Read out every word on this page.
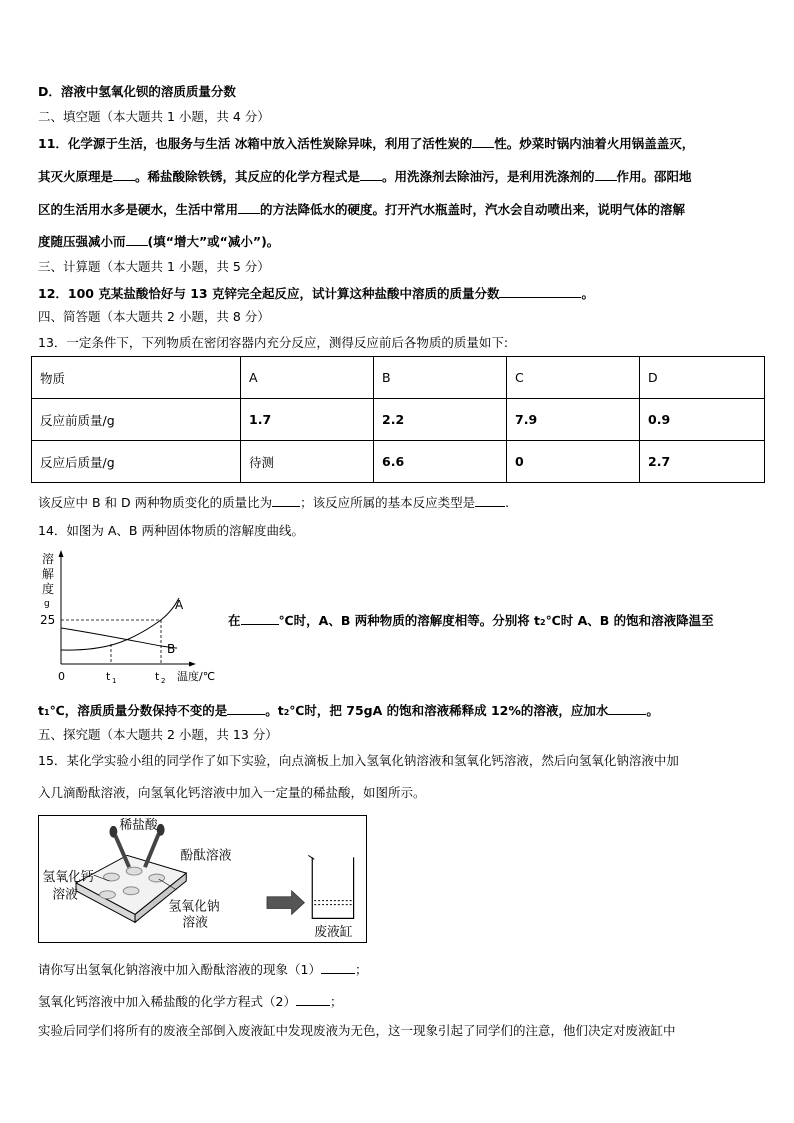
D．溶液中氢氧化钡的溶质质量分数
二、填空题（本大题共 1 小题，共 4 分）
11．化学源于生活，也服务与生活 冰箱中放入活性炭除异味，利用了活性炭的 性。炒菜时锅内油着火用锅盖盖灭，
其灭火原理是 。稀盐酸除铁锈，其反应的化学方程式是 。用洗涤剂去除油污，是利用洗涤剂的 作用。邵阳地
区的生活用水多是硬水，生活中常用 的方法降低水的硬度。打开汽水瓶盖时，汽水会自动喷出来，说明气体的溶解
度随压强减小而 (填“增大”或“减小”)。
三、计算题（本大题共 1 小题，共 5 分）
12．100 克某盐酸恰好与 13 克锌完全起反应，试计算这种盐酸中溶质的质量分数	。
四、简答题（本大题共 2 小题，共 8 分）
13．一定条件下，下列物质在密闭容器内充分反应，测得反应前后各物质的质量如下:
物质	A	B	C	D
反应前质量/g	1.7	2.2	7.9	0.9
反应后质量/g	待测	6.6	0	2.7
该反应中 B 和 D 两种物质变化的质量比为 ；该反应所属的基本反应类型是 .
14．如图为 A、B 两种固体物质的溶解度曲线。
溶
解
度
g
25
0	t 1	t 2 温度/℃
A
B
在	℃时，A、B 两种物质的溶解度相等。分别将 t2℃时 A、B 的饱和溶液降温至
t1℃，溶质质量分数保持不变的是	。t2℃时，把 75gA 的饱和溶液稀释成 12%的溶液，应加水	。
五、探究题（本大题共 2 小题，共 13 分）
15．某化学实验小组的同学作了如下实验，向点滴板上加入氢氧化钠溶液和氢氧化钙溶液，然后向氢氧化钠溶液中加
入几滴酚酞溶液，向氢氧化钙溶液中加入一定量的稀盐酸，如图所示。
稀盐酸
酚酞溶液
氢氧化钙
溶液
氢氧化钠
溶液
废液缸
请你写出氢氧化钠溶液中加入酚酞溶液的现象（1）	；
氢氧化钙溶液中加入稀盐酸的化学方程式（2）	；
实验后同学们将所有的废液全部倒入废液缸中发现废液为无色，这一现象引起了同学们的注意，他们决定对废液缸中
